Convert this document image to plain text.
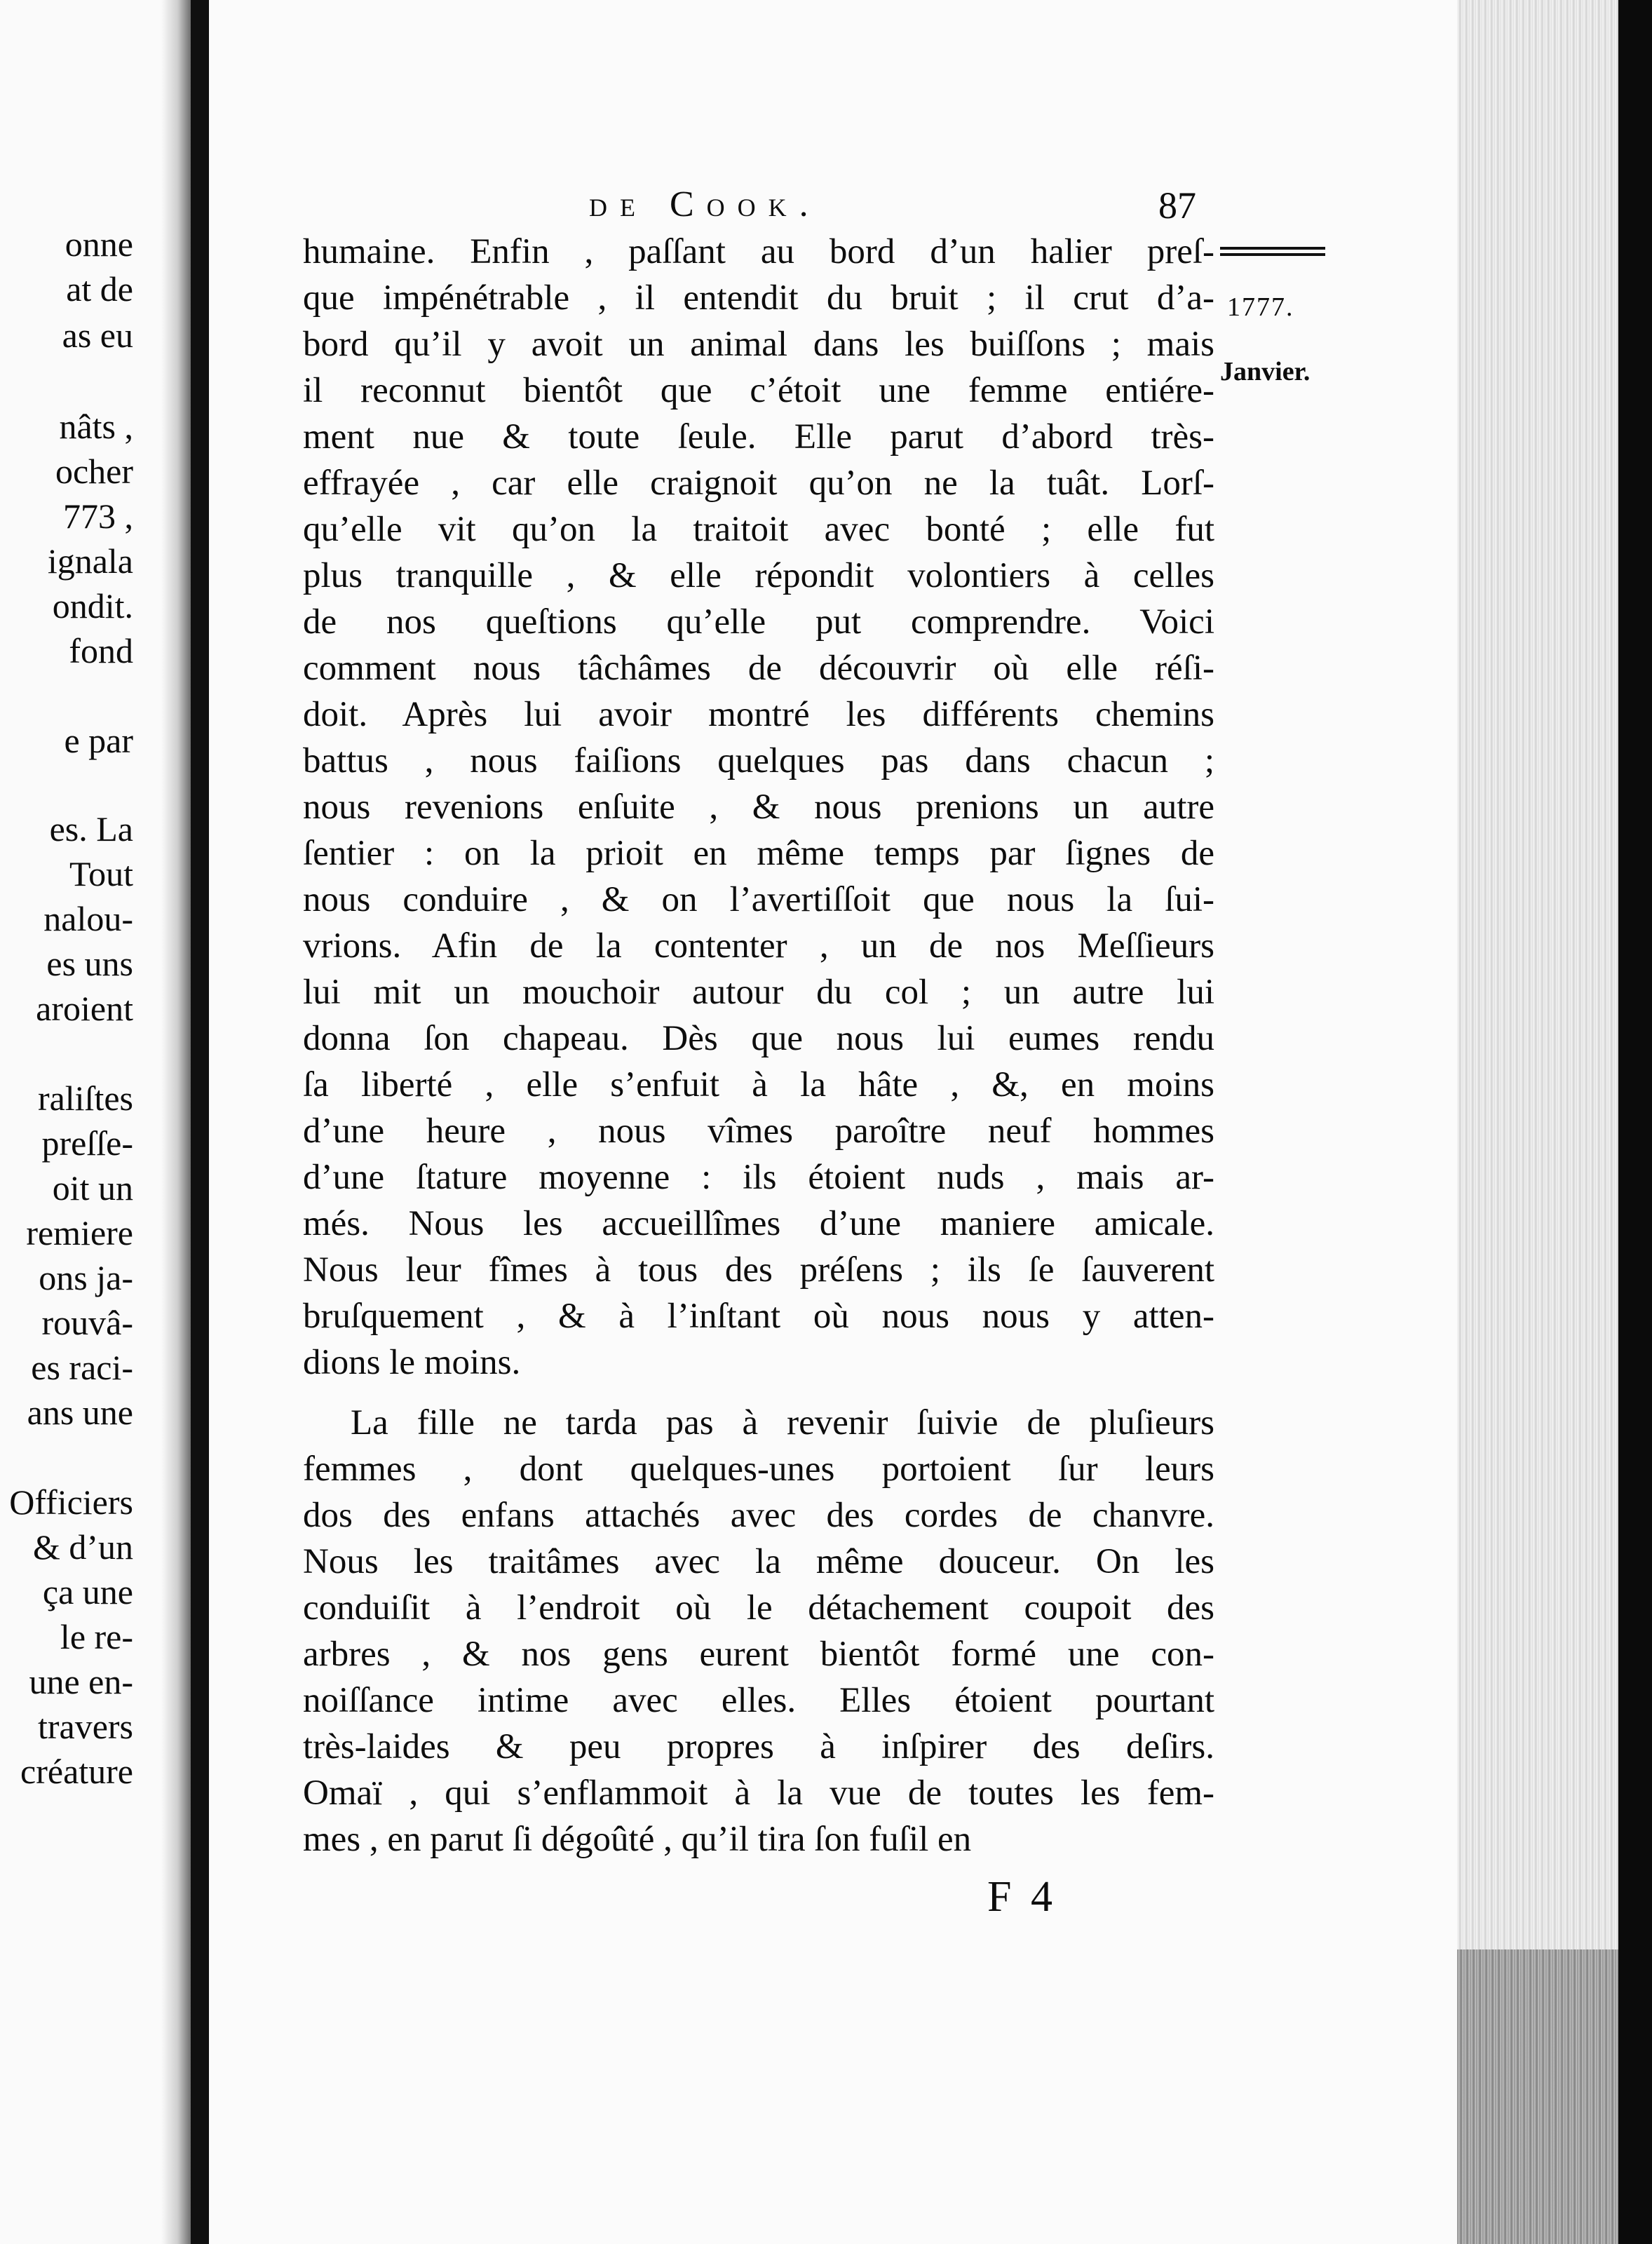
onne
at de
as eu
nâts ,
ocher
773 ,
ignala
ondit.
fond
e par
es. La
Tout
nalou-
es uns
aroient
raliſtes
preſſe-
oit un
remiere
ons ja-
rouvâ-
es raci-
ans une
Officiers
& d’un
ça une
le re-
une en-
travers
créature
de Cook.	87
1777.
Janvier.
humaine. Enfin , paſſant au bord d’un halier preſ-
que impénétrable , il entendit du bruit ; il crut d’a-
bord qu’il y avoit un animal dans les buiſſons ; mais
il reconnut bientôt que c’étoit une femme entiére-
ment nue & toute ſeule. Elle parut d’abord très-
effrayée , car elle craignoit qu’on ne la tuât. Lorſ-
qu’elle vit qu’on la traitoit avec bonté ; elle fut
plus tranquille , & elle répondit volontiers à celles
de nos queſtions qu’elle put comprendre. Voici
comment nous tâchâmes de découvrir où elle réſi-
doit. Après lui avoir montré les différents chemins
battus , nous faiſions quelques pas dans chacun ;
nous revenions enſuite , & nous prenions un autre
ſentier : on la prioit en même temps par ſignes de
nous conduire , & on l’avertiſſoit que nous la ſui-
vrions. Afin de la contenter , un de nos Meſſieurs
lui mit un mouchoir autour du col ; un autre lui
donna ſon chapeau. Dès que nous lui eumes rendu
ſa liberté , elle s’enfuit à la hâte , &, en moins
d’une heure , nous vîmes paroître neuf hommes
d’une ſtature moyenne : ils étoient nuds , mais ar-
més. Nous les accueillîmes d’une maniere amicale.
Nous leur fîmes à tous des préſens ; ils ſe ſauverent
bruſquement , & à l’inſtant où nous nous y atten-
dions le moins.
La fille ne tarda pas à revenir ſuivie de pluſieurs
femmes , dont quelques-unes portoient ſur leurs
dos des enfans attachés avec des cordes de chanvre.
Nous les traitâmes avec la même douceur. On les
conduiſit à l’endroit où le détachement coupoit des
arbres , & nos gens eurent bientôt formé une con-
noiſſance intime avec elles. Elles étoient pourtant
très-laides & peu propres à inſpirer des deſirs.
Omaï , qui s’enflammoit à la vue de toutes les fem-
mes , en parut ſi dégoûté , qu’il tira ſon fuſil en
F 4
